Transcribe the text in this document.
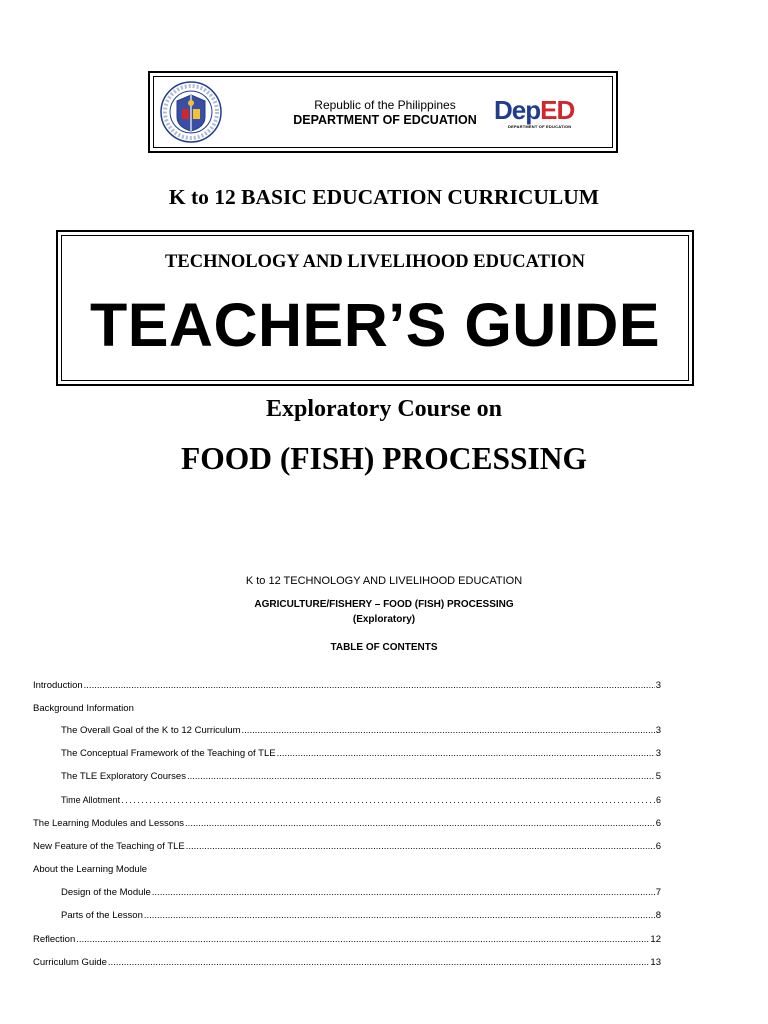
Republic of the Philippines
DEPARTMENT OF EDCUATION DepED
DEPARTMENT OF EDUCATION
K to 12 BASIC EDUCATION CURRICULUM
TECHNOLOGY AND LIVELIHOOD EDUCATION
TEACHER’S GUIDE
Exploratory Course on
FOOD (FISH) PROCESSING
K to 12 TECHNOLOGY AND LIVELIHOOD EDUCATION
AGRICULTURE/FISHERY – FOOD (FISH) PROCESSING
(Exploratory)
TABLE OF CONTENTS
Introduction .....	3
Background Information
The Overall Goal of the K to 12 Curriculum .....	3
The Conceptual Framework of the Teaching of TLE .....	3
The TLE Exploratory Courses .....	5
Time Allotment .....	6
The Learning Modules and Lessons .....	6
New Feature of the Teaching of TLE .....	6
About the Learning Module
Design of the Module .....	7
Parts of the Lesson .....	8
Reflection .....	12
Curriculum Guide .....	13
